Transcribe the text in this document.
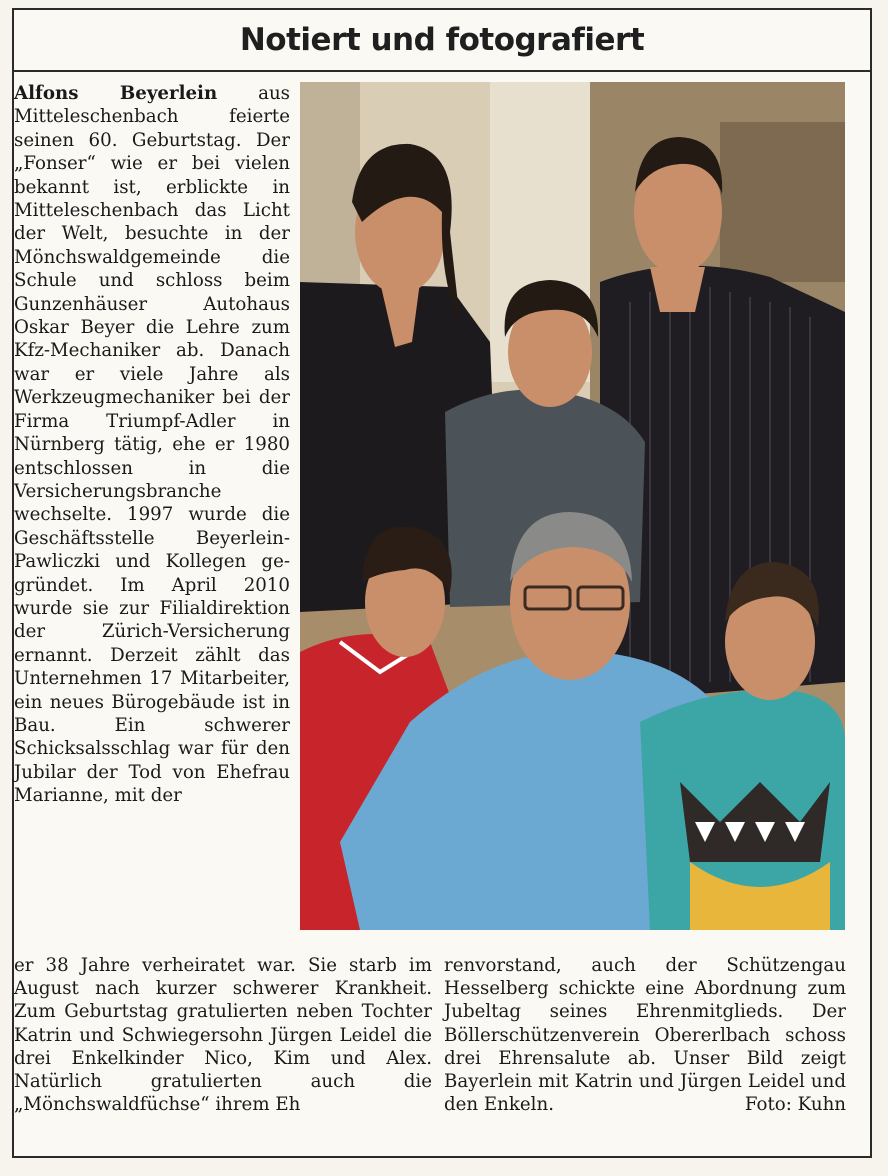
Notiert und fotografiert

Alfons Beyerlein aus Mitteleschenbach feierte seinen 60. Geburtstag. Der „Fonser“ wie er bei vielen bekannt ist, erblickte in Mitteleschenbach das Licht der Welt, besuchte in der Mönchswaldgemeinde die Schule und schloss beim Gunzenhäuser Autohaus Oskar Beyer die Lehre zum Kfz-Mechaniker ab. Danach war er viele Jahre als Werkzeugmechaniker bei der Firma Triumpf-Adler in Nürnberg tätig, ehe er 1980 entschlossen in die Versicherungsbranche wechselte. 1997 wurde die Geschäftsstelle Beyerlein-Pawliczki und Kollegen gegründet. Im April 2010 wurde sie zur Filialdirektion der Zürich-Versicherung ernannt. Derzeit zählt das Unternehmen 17 Mitarbeiter, ein neues Bürogebäude ist in Bau. Ein schwerer Schicksalsschlag war für den Jubilar der Tod von Ehefrau Marianne, mit der

er 38 Jahre verheiratet war. Sie starb im August nach kurzer schwerer Krankheit. Zum Geburtstag gratulierten neben Tochter Katrin und Schwiegersohn Jürgen Leidel die drei Enkelkinder Nico, Kim und Alex. Natürlich gratulierten auch die „Mönchswaldfüchse“ ihrem Eh

renvorstand, auch der Schützengau Hesselberg schickte eine Abordnung zum Jubeltag seines Ehrenmitglieds. Der Böllerschützenverein Obererlbach schoss drei Ehrensalute ab. Unser Bild zeigt Bayerlein mit Katrin und Jürgen Leidel und den Enkeln.	Foto: Kuhn
